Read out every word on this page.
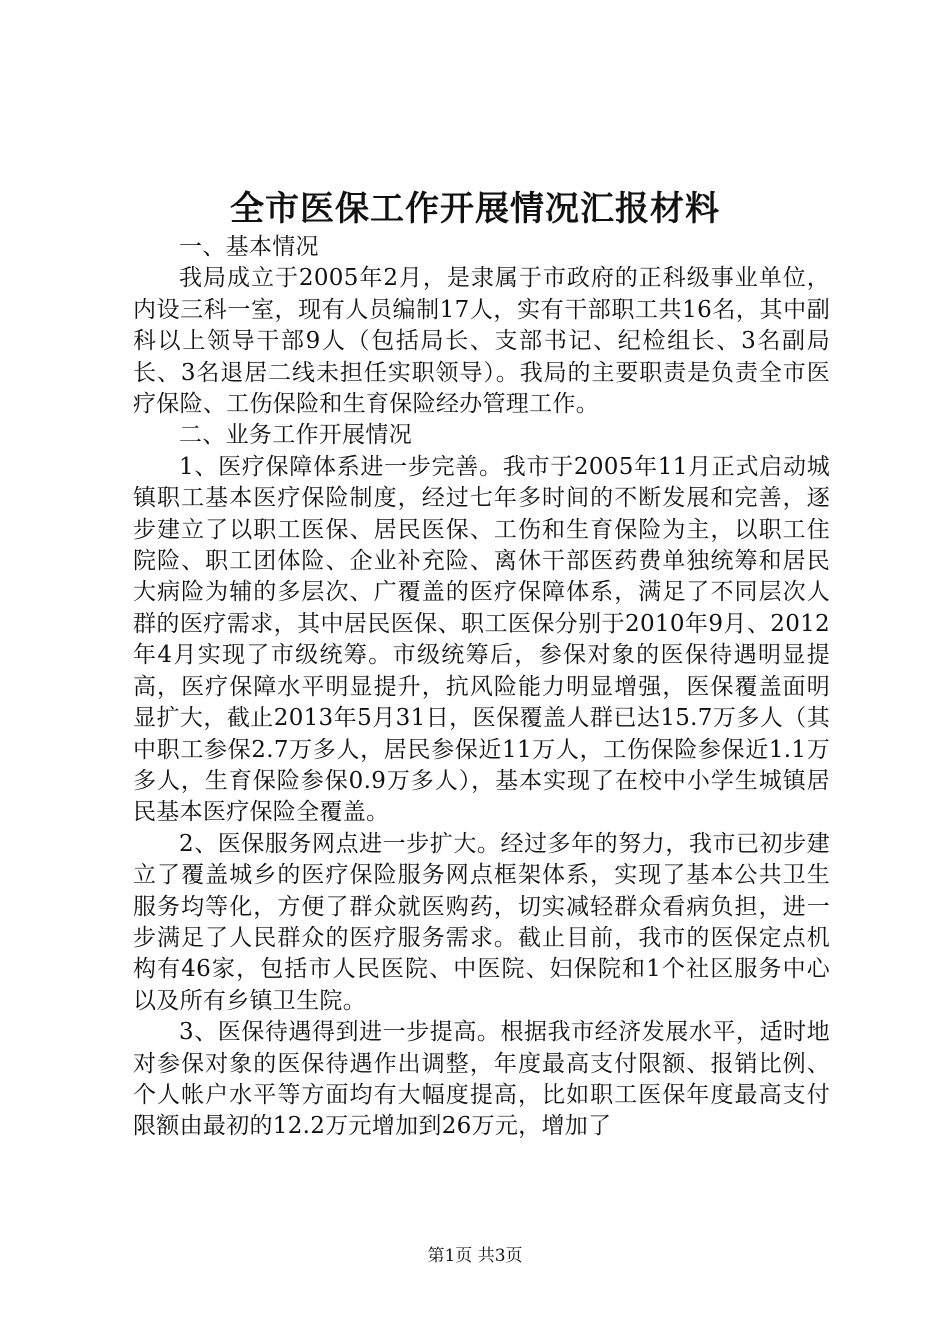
全市医保工作开展情况汇报材料

一、基本情况

我局成立于2005年2月，是隶属于市政府的正科级事业单位，内设三科一室，现有人员编制17人，实有干部职工共16名，其中副科以上领导干部9人（包括局长、支部书记、纪检组长、3名副局长、3名退居二线未担任实职领导）。我局的主要职责是负责全市医疗保险、工伤保险和生育保险经办管理工作。

二、业务工作开展情况

1、医疗保障体系进一步完善。我市于2005年11月正式启动城镇职工基本医疗保险制度，经过七年多时间的不断发展和完善，逐步建立了以职工医保、居民医保、工伤和生育保险为主，以职工住院险、职工团体险、企业补充险、离休干部医药费单独统筹和居民大病险为辅的多层次、广覆盖的医疗保障体系，满足了不同层次人群的医疗需求，其中居民医保、职工医保分别于2010年9月、2012年4月实现了市级统筹。市级统筹后，参保对象的医保待遇明显提高，医疗保障水平明显提升，抗风险能力明显增强，医保覆盖面明显扩大，截止2013年5月31日，医保覆盖人群已达15.7万多人（其中职工参保2.7万多人，居民参保近11万人，工伤保险参保近1.1万多人，生育保险参保0.9万多人），基本实现了在校中小学生城镇居民基本医疗保险全覆盖。

2、医保服务网点进一步扩大。经过多年的努力，我市已初步建立了覆盖城乡的医疗保险服务网点框架体系，实现了基本公共卫生服务均等化，方便了群众就医购药，切实减轻群众看病负担，进一步满足了人民群众的医疗服务需求。截止目前，我市的医保定点机构有46家，包括市人民医院、中医院、妇保院和1个社区服务中心以及所有乡镇卫生院。

3、医保待遇得到进一步提高。根据我市经济发展水平，适时地对参保对象的医保待遇作出调整，年度最高支付限额、报销比例、个人帐户水平等方面均有大幅度提高，比如职工医保年度最高支付限额由最初的12.2万元增加到26万元，增加了

第1页 共3页
